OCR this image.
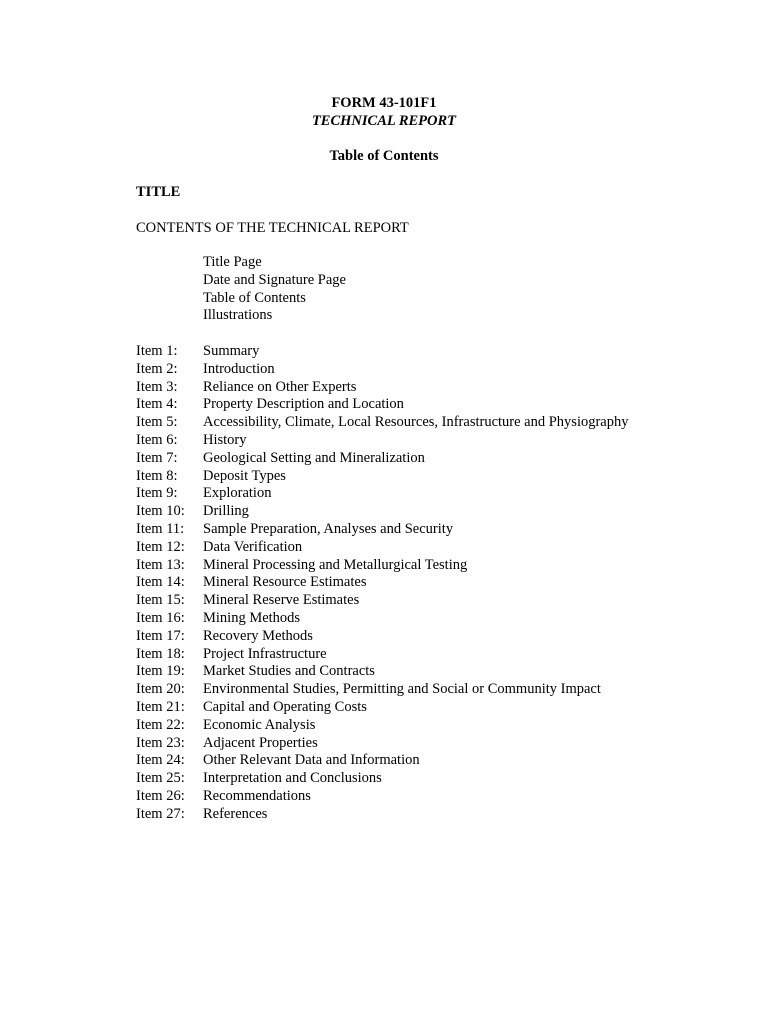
FORM 43-101F1
TECHNICAL REPORT
Table of Contents
TITLE
CONTENTS OF THE TECHNICAL REPORT
Title Page
Date and Signature Page
Table of Contents
Illustrations
Item 1: Summary
Item 2: Introduction
Item 3: Reliance on Other Experts
Item 4: Property Description and Location
Item 5: Accessibility, Climate, Local Resources, Infrastructure and Physiography
Item 6: History
Item 7: Geological Setting and Mineralization
Item 8: Deposit Types
Item 9: Exploration
Item 10: Drilling
Item 11: Sample Preparation, Analyses and Security
Item 12: Data Verification
Item 13: Mineral Processing and Metallurgical Testing
Item 14: Mineral Resource Estimates
Item 15: Mineral Reserve Estimates
Item 16: Mining Methods
Item 17: Recovery Methods
Item 18: Project Infrastructure
Item 19: Market Studies and Contracts
Item 20: Environmental Studies, Permitting and Social or Community Impact
Item 21: Capital and Operating Costs
Item 22: Economic Analysis
Item 23: Adjacent Properties
Item 24: Other Relevant Data and Information
Item 25: Interpretation and Conclusions
Item 26: Recommendations
Item 27: References
